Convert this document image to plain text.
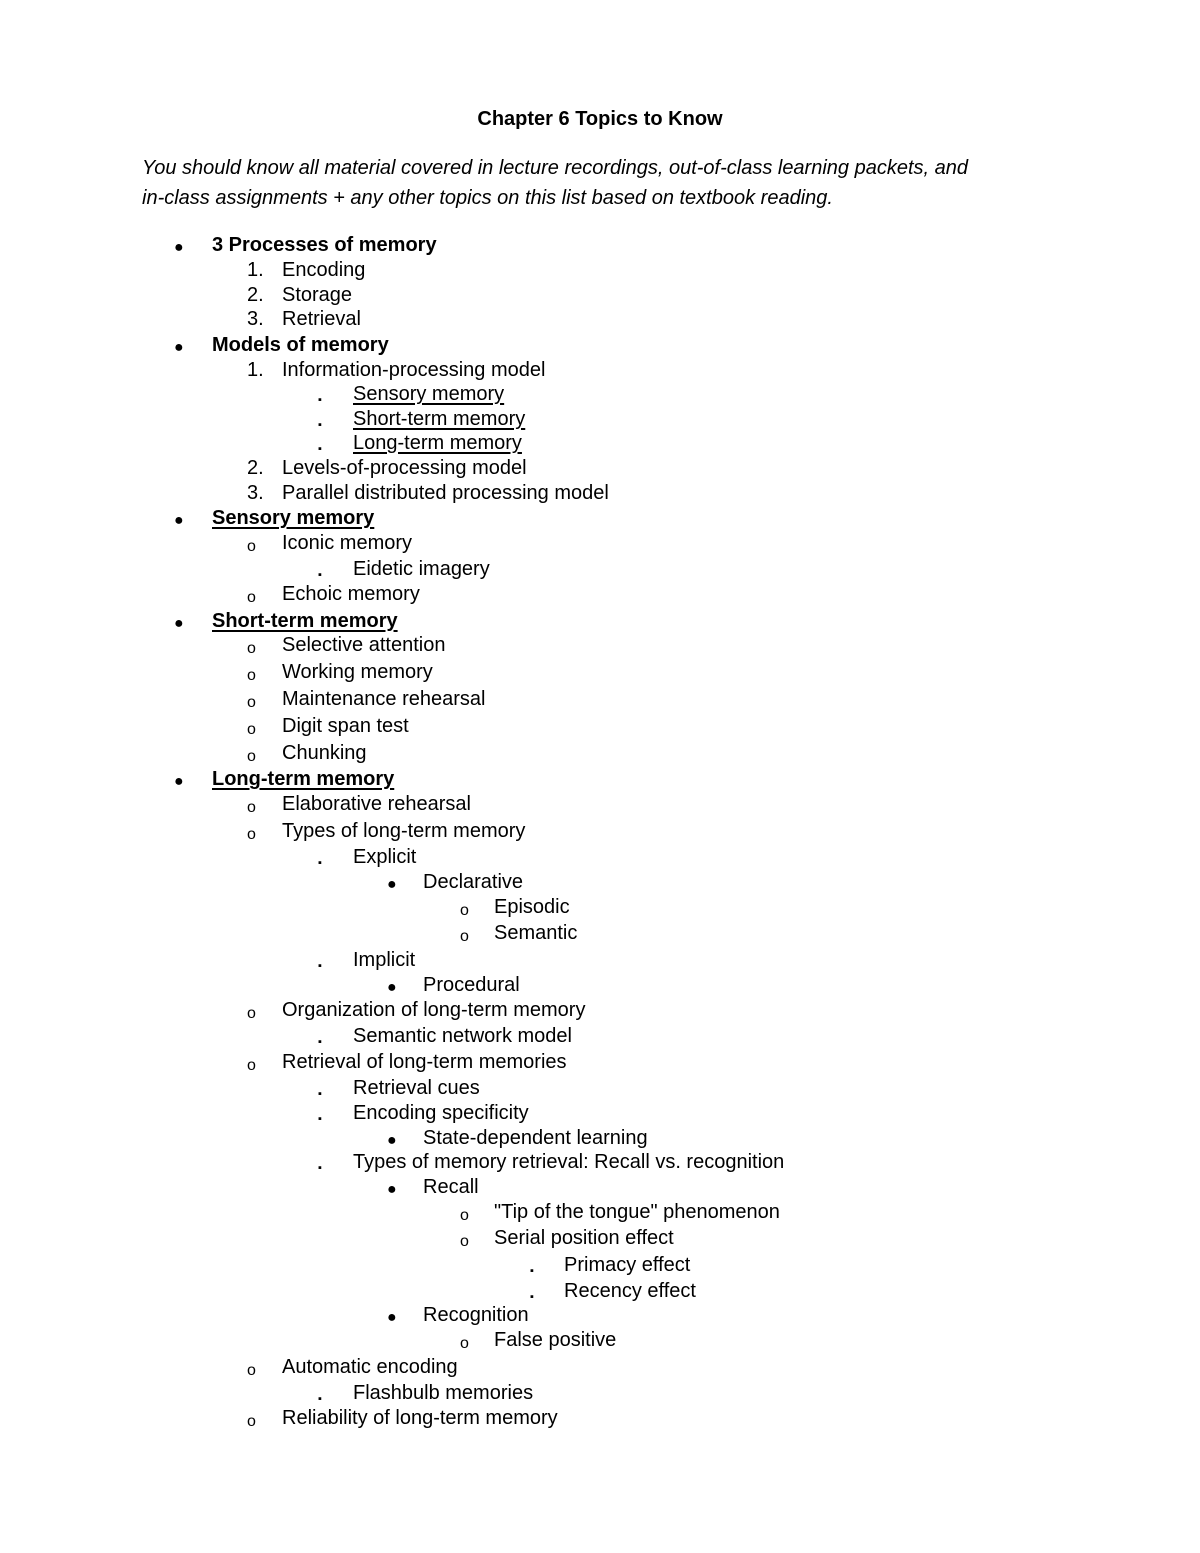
Chapter 6 Topics to Know
You should know all material covered in lecture recordings, out-of-class learning packets, and
in-class assignments + any other topics on this list based on textbook reading.
●	3 Processes of memory
1. Encoding
2. Storage
3. Retrieval
●	Models of memory
1. Information-processing model
▪	Sensory memory
▪	Short-term memory
▪	Long-term memory
2. Levels-of-processing model
3. Parallel distributed processing model
●	Sensory memory
o	Iconic memory
▪	Eidetic imagery
o	Echoic memory
●	Short-term memory
o	Selective attention
o	Working memory
o	Maintenance rehearsal
o	Digit span test
o	Chunking
●	Long-term memory
o	Elaborative rehearsal
o	Types of long-term memory
▪	Explicit
●	Declarative
o	Episodic
o	Semantic
▪	Implicit
●	Procedural
o	Organization of long-term memory
▪	Semantic network model
o	Retrieval of long-term memories
▪	Retrieval cues
▪	Encoding specificity
●	State-dependent learning
▪	Types of memory retrieval: Recall vs. recognition
●	Recall
o	"Tip of the tongue" phenomenon
o	Serial position effect
▪	Primacy effect
▪	Recency effect
●	Recognition
o	False positive
o	Automatic encoding
▪	Flashbulb memories
o	Reliability of long-term memory
